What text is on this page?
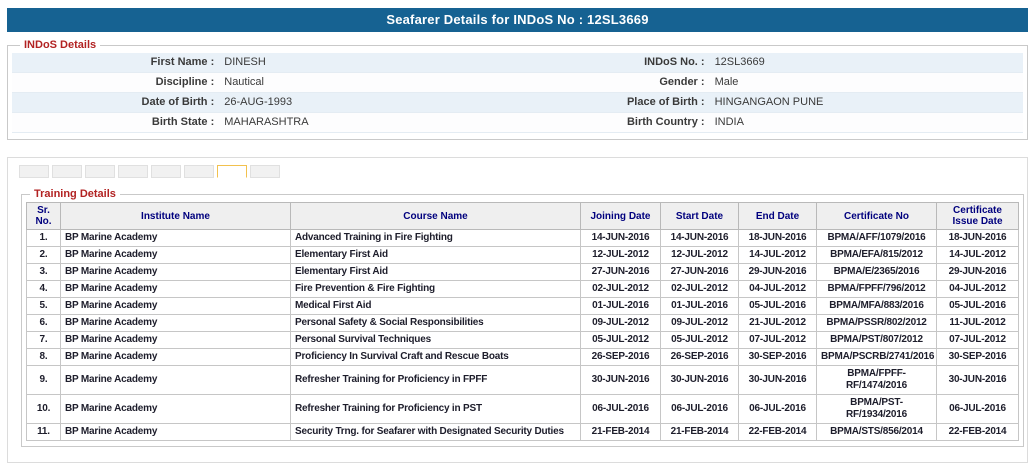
Seafarer Details for INDoS No : 12SL3669
INDoS Details
First Name : DINESH	INDoS No. : 12SL3669
Discipline : Nautical	Gender : Male
Date of Birth : 26-AUG-1993	Place of Birth : HINGANGAON PUNE
Birth State : MAHARASHTRA	Birth Country : INDIA
Training Details
Sr. No.	Institute Name	Course Name	Joining Date	Start Date	End Date	Certificate No	Certificate Issue Date
1.	BP Marine Academy	Advanced Training in Fire Fighting	14-JUN-2016	14-JUN-2016	18-JUN-2016	BPMA/AFF/1079/2016	18-JUN-2016
2.	BP Marine Academy	Elementary First Aid	12-JUL-2012	12-JUL-2012	14-JUL-2012	BPMA/EFA/815/2012	14-JUL-2012
3.	BP Marine Academy	Elementary First Aid	27-JUN-2016	27-JUN-2016	29-JUN-2016	BPMA/E/2365/2016	29-JUN-2016
4.	BP Marine Academy	Fire Prevention & Fire Fighting	02-JUL-2012	02-JUL-2012	04-JUL-2012	BPMA/FPFF/796/2012	04-JUL-2012
5.	BP Marine Academy	Medical First Aid	01-JUL-2016	01-JUL-2016	05-JUL-2016	BPMA/MFA/883/2016	05-JUL-2016
6.	BP Marine Academy	Personal Safety & Social Responsibilities	09-JUL-2012	09-JUL-2012	21-JUL-2012	BPMA/PSSR/802/2012	11-JUL-2012
7.	BP Marine Academy	Personal Survival Techniques	05-JUL-2012	05-JUL-2012	07-JUL-2012	BPMA/PST/807/2012	07-JUL-2012
8.	BP Marine Academy	Proficiency In Survival Craft and Rescue Boats	26-SEP-2016	26-SEP-2016	30-SEP-2016	BPMA/PSCRB/2741/2016	30-SEP-2016
9.	BP Marine Academy	Refresher Training for Proficiency in FPFF	30-JUN-2016	30-JUN-2016	30-JUN-2016	BPMA/FPFF-RF/1474/2016	30-JUN-2016
10.	BP Marine Academy	Refresher Training for Proficiency in PST	06-JUL-2016	06-JUL-2016	06-JUL-2016	BPMA/PST-RF/1934/2016	06-JUL-2016
11.	BP Marine Academy	Security Trng. for Seafarer with Designated Security Duties	21-FEB-2014	21-FEB-2014	22-FEB-2014	BPMA/STS/856/2014	22-FEB-2014
